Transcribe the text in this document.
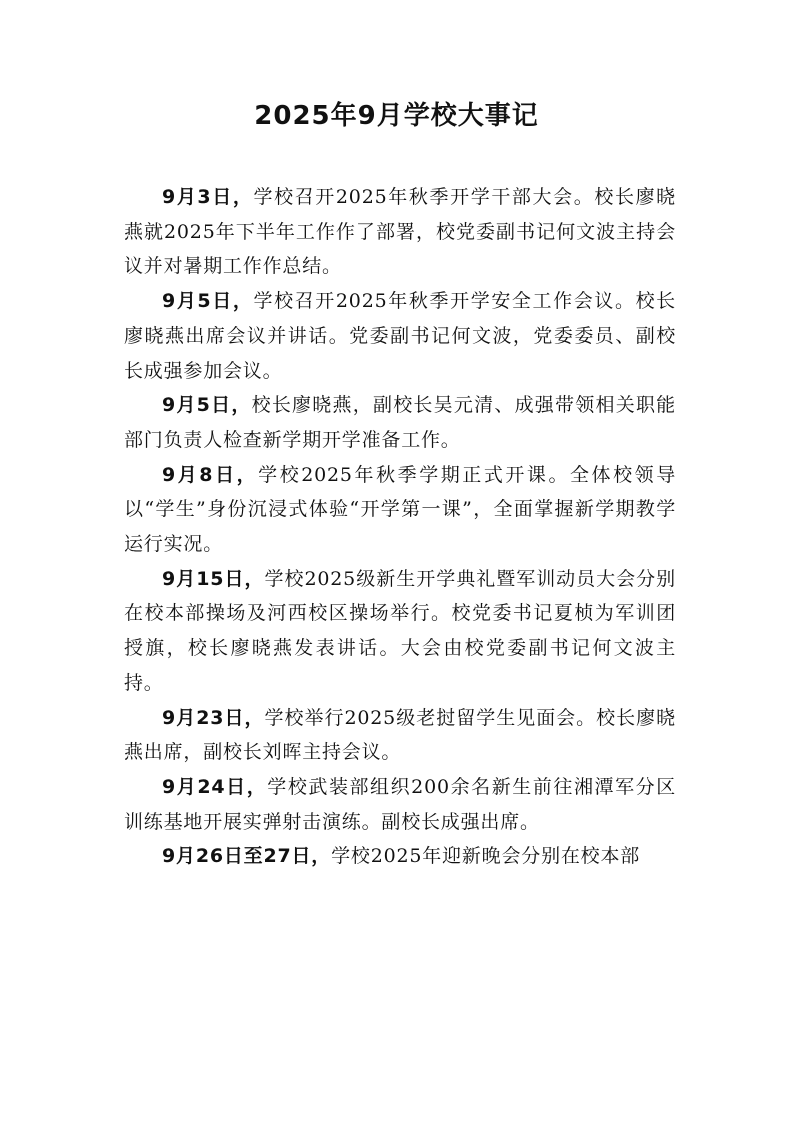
2025年9月学校大事记

9月3日，学校召开2025年秋季开学干部大会。校长廖晓燕就2025年下半年工作作了部署，校党委副书记何文波主持会议并对暑期工作作总结。

9月5日，学校召开2025年秋季开学安全工作会议。校长廖晓燕出席会议并讲话。党委副书记何文波，党委委员、副校长成强参加会议。

9月5日，校长廖晓燕，副校长吴元清、成强带领相关职能部门负责人检查新学期开学准备工作。

9月8日，学校2025年秋季学期正式开课。全体校领导以“学生”身份沉浸式体验“开学第一课”，全面掌握新学期教学运行实况。

9月15日，学校2025级新生开学典礼暨军训动员大会分别在校本部操场及河西校区操场举行。校党委书记夏桢为军训团授旗，校长廖晓燕发表讲话。大会由校党委副书记何文波主持。

9月23日，学校举行2025级老挝留学生见面会。校长廖晓燕出席，副校长刘晖主持会议。

9月24日，学校武装部组织200余名新生前往湘潭军分区训练基地开展实弹射击演练。副校长成强出席。

9月26日至27日，学校2025年迎新晚会分别在校本部
